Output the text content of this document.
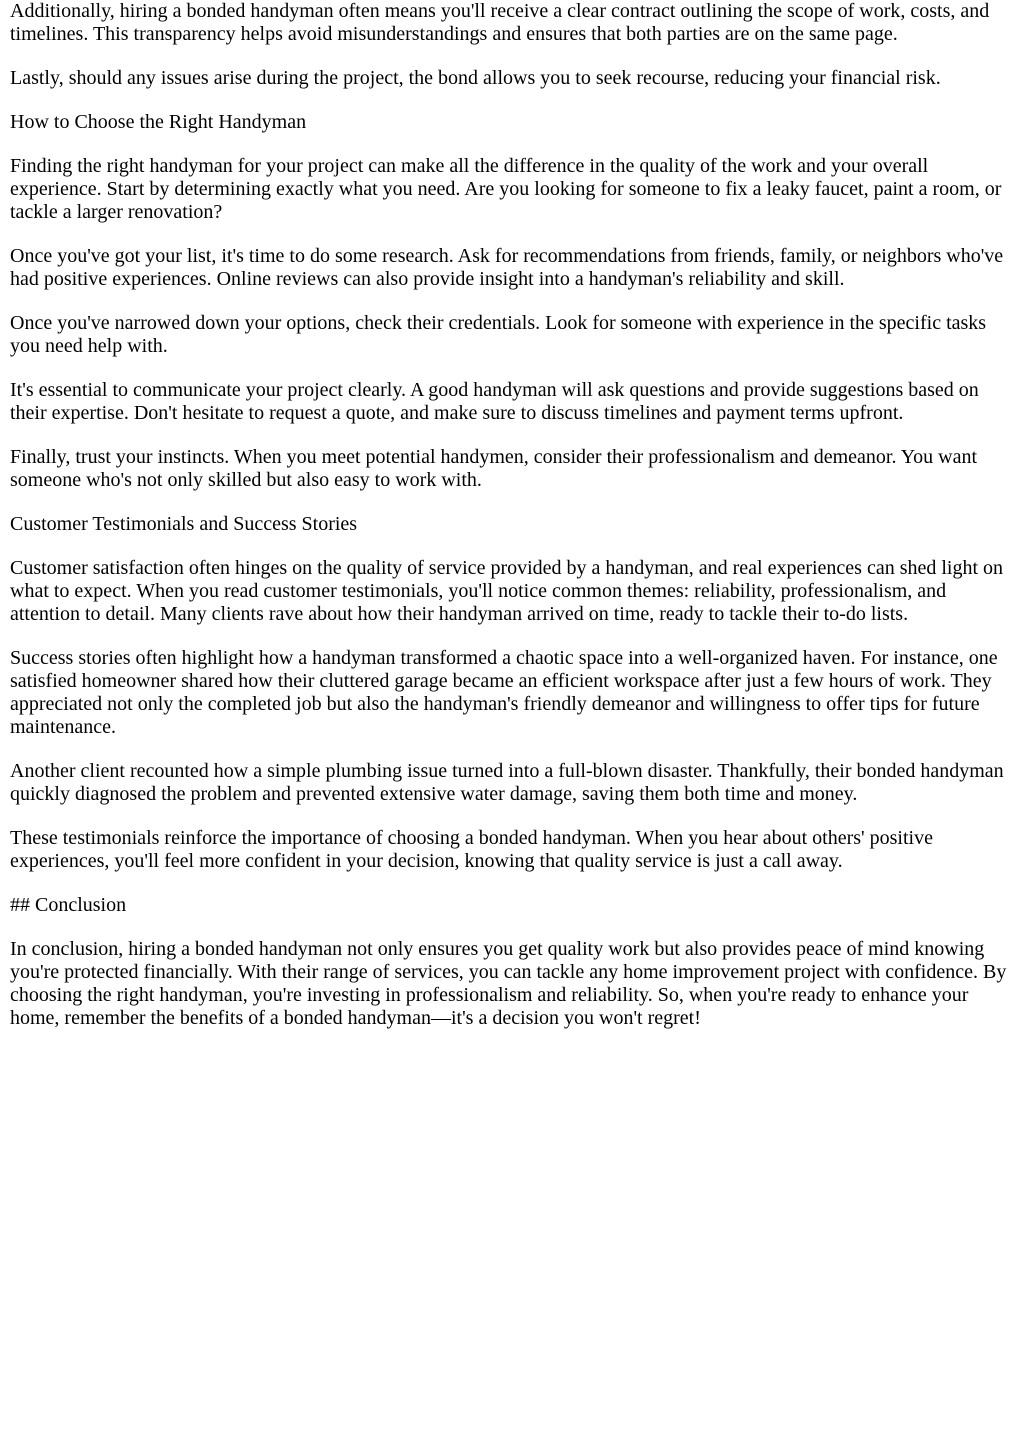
Additionally, hiring a bonded handyman often means you'll receive a clear contract outlining the scope of work, costs, and timelines. This transparency helps avoid misunderstandings and ensures that both parties are on the same page.

Lastly, should any issues arise during the project, the bond allows you to seek recourse, reducing your financial risk.

How to Choose the Right Handyman

Finding the right handyman for your project can make all the difference in the quality of the work and your overall experience. Start by determining exactly what you need. Are you looking for someone to fix a leaky faucet, paint a room, or tackle a larger renovation?

Once you've got your list, it's time to do some research. Ask for recommendations from friends, family, or neighbors who've had positive experiences. Online reviews can also provide insight into a handyman's reliability and skill.

Once you've narrowed down your options, check their credentials. Look for someone with experience in the specific tasks you need help with.

It's essential to communicate your project clearly. A good handyman will ask questions and provide suggestions based on their expertise. Don't hesitate to request a quote, and make sure to discuss timelines and payment terms upfront.

Finally, trust your instincts. When you meet potential handymen, consider their professionalism and demeanor. You want someone who's not only skilled but also easy to work with.

Customer Testimonials and Success Stories

Customer satisfaction often hinges on the quality of service provided by a handyman, and real experiences can shed light on what to expect. When you read customer testimonials, you'll notice common themes: reliability, professionalism, and attention to detail. Many clients rave about how their handyman arrived on time, ready to tackle their to-do lists.

Success stories often highlight how a handyman transformed a chaotic space into a well-organized haven. For instance, one satisfied homeowner shared how their cluttered garage became an efficient workspace after just a few hours of work. They appreciated not only the completed job but also the handyman's friendly demeanor and willingness to offer tips for future maintenance.

Another client recounted how a simple plumbing issue turned into a full-blown disaster. Thankfully, their bonded handyman quickly diagnosed the problem and prevented extensive water damage, saving them both time and money.

These testimonials reinforce the importance of choosing a bonded handyman. When you hear about others' positive experiences, you'll feel more confident in your decision, knowing that quality service is just a call away.

## Conclusion

In conclusion, hiring a bonded handyman not only ensures you get quality work but also provides peace of mind knowing you're protected financially. With their range of services, you can tackle any home improvement project with confidence. By choosing the right handyman, you're investing in professionalism and reliability. So, when you're ready to enhance your home, remember the benefits of a bonded handyman—it's a decision you won't regret!
